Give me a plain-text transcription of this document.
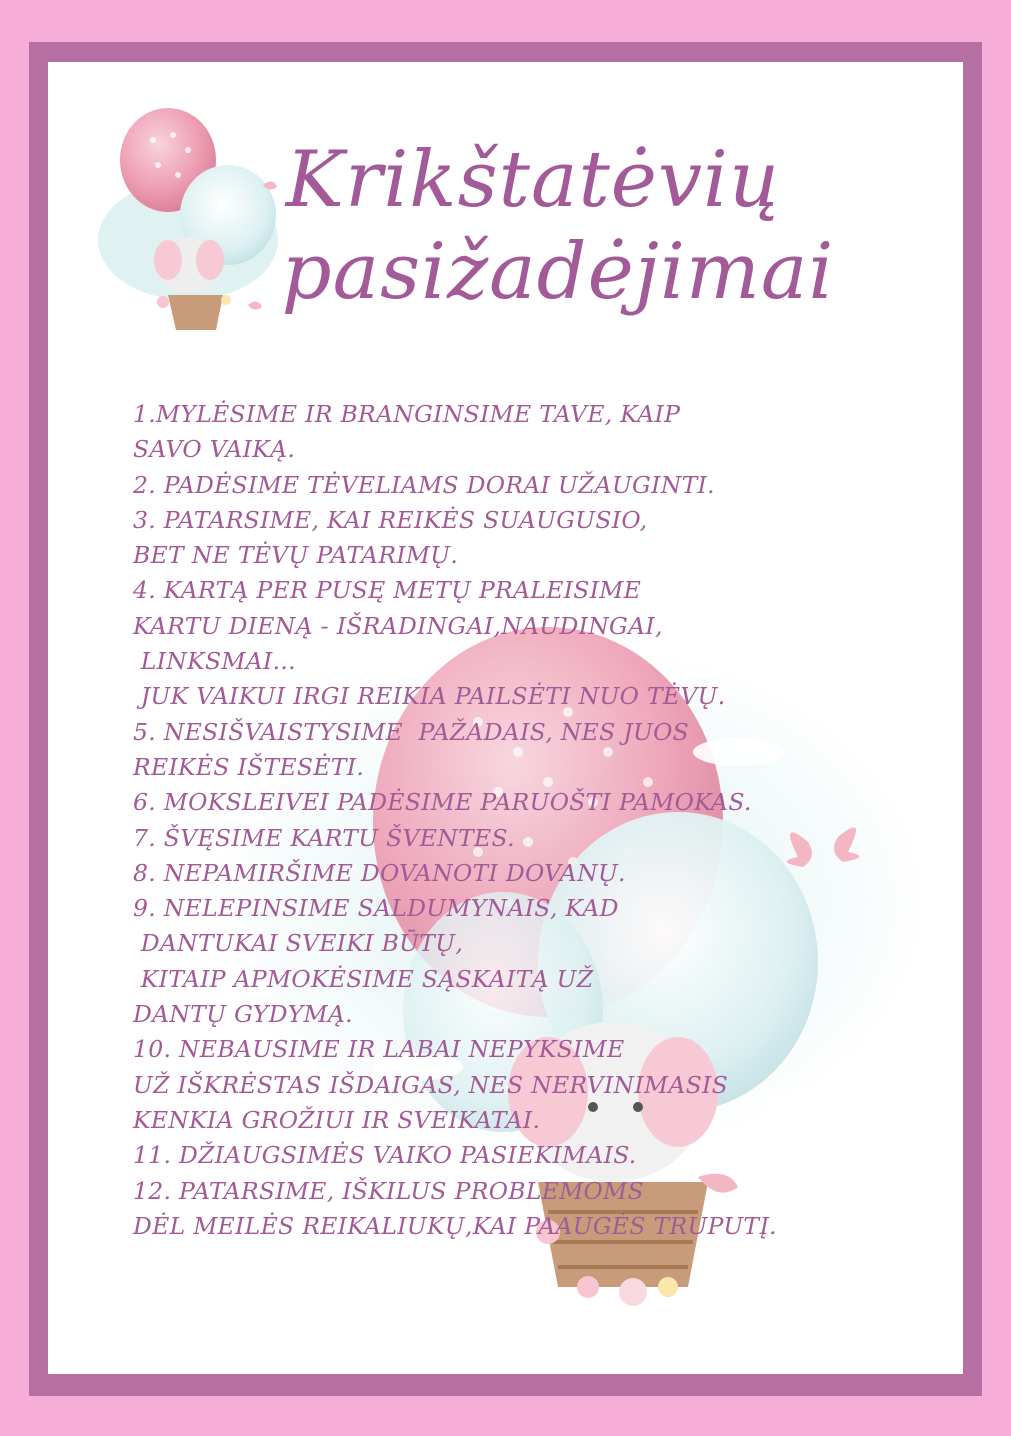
Krikštatėvių
pasižadėjimai
1.MYLĖSIME IR BRANGINSIME TAVE, KAIP
SAVO VAIKĄ.
2. PADĖSIME TĖVELIAMS DORAI UŽAUGINTI.
3. PATARSIME, KAI REIKĖS SUAUGUSIO,
BET NE TĖVŲ PATARIMŲ.
4. KARTĄ PER PUSĘ METŲ PRALEISIME
KARTU DIENĄ - IŠRADINGAI,NAUDINGAI,
LINKSMAI...
JUK VAIKUI IRGI REIKIA PAILSĖTI NUO TĖVŲ.
5. NESIŠVAISTYSIME  PAŽADAIS, NES JUOS
REIKĖS IŠTESĖTI.
6. MOKSLEIVEI PADĖSIME PARUOŠTI PAMOKAS.
7. ŠVĘSIME KARTU ŠVENTES.
8. NEPAMIRŠIME DOVANOTI DOVANŲ.
9. NELEPINSIME SALDUMYNAIS, KAD
DANTUKAI SVEIKI BŪTŲ,
KITAIP APMOKĖSIME SĄSKAITĄ UŽ
DANTŲ GYDYMĄ.
10. NEBAUSIME IR LABAI NEPYKSIME
UŽ IŠKRĖSTAS IŠDAIGAS, NES NERVINIMASIS
KENKIA GROŽIUI IR SVEIKATAI.
11. DŽIAUGSIMĖS VAIKO PASIEKIMAIS.
12. PATARSIME, IŠKILUS PROBLEMOMS
DĖL MEILĖS REIKALIUKŲ,KAI PAAUGĖS TRUPUTĮ.
